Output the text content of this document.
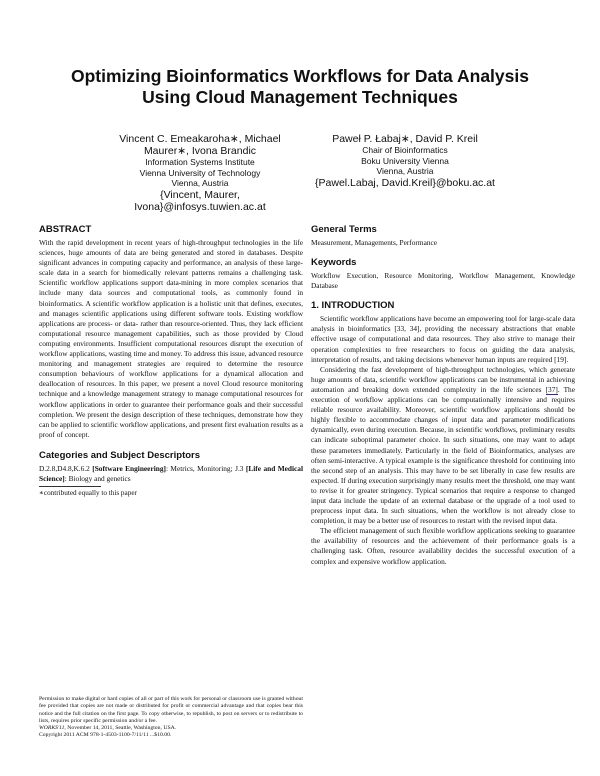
Optimizing Bioinformatics Workflows for Data Analysis
Using Cloud Management Techniques
Vincent C. Emeakaroha∗, Michael
Maurer∗, Ivona Brandic
Information Systems Institute
Vienna University of Technology
Vienna, Austria
{Vincent, Maurer,
Ivona}@infosys.tuwien.ac.at
Paweł P. Łabaj∗, David P. Kreil
Chair of Bioinformatics
Boku University Vienna
Vienna, Austria
{Pawel.Labaj, David.Kreil}@boku.ac.at
ABSTRACT

With the rapid development in recent years of high-throughput technologies in the life sciences, huge amounts of data are being generated and stored in databases. Despite significant advances in computing capacity and performance, an analysis of these large-scale data in a search for biomedically relevant patterns remains a challenging task. Scientific workflow applications support data-mining in more complex scenarios that include many data sources and computational tools, as commonly found in bioinformatics. A scientific workflow application is a holistic unit that defines, executes, and manages scientific applications using different software tools. Existing workflow applications are process- or data- rather than resource-oriented. Thus, they lack efficient computational resource management capabilities, such as those provided by Cloud computing environments. Insufficient computational resources disrupt the execution of workflow applications, wasting time and money. To address this issue, advanced resource monitoring and management strategies are required to determine the resource consumption behaviours of workflow applications for a dynamical allocation and deallocation of resources. In this paper, we present a novel Cloud resource monitoring technique and a knowledge management strategy to manage computational resources for workflow applications in order to guarantee their performance goals and their successful completion. We present the design description of these techniques, demonstrate how they can be applied to scientific workflow applications, and present first evaluation results as a proof of concept.

Categories and Subject Descriptors

D.2.8,D4.8,K.6.2 [Software Engineering]: Metrics, Monitoring; J.3 [Life and Medical Science]: Biology and genetics

∗contributed equally to this paper

Permission to make digital or hard copies of all or part of this work for personal or classroom use is granted without fee provided that copies are not made or distributed for profit or commercial advantage and that copies bear this notice and the full citation on the first page. To copy otherwise, to republish, to post on servers or to redistribute to lists, requires prior specific permission and/or a fee.

WORKS'11, November 14, 2011, Seattle, Washington, USA.

Copyright 2011 ACM 978-1-4503-1100-7/11/11 ...$10.00.

General Terms

Measurement, Managements, Performance

Keywords

Workflow Execution, Resource Monitoring, Workflow Management, Knowledge Database

1. INTRODUCTION

Scientific workflow applications have become an empowering tool for large-scale data analysis in bioinformatics [33, 34], providing the necessary abstractions that enable effective usage of computational and data resources. They also strive to manage their operation complexities to free researchers to focus on guiding the data analysis, interpretation of results, and taking decisions whenever human inputs are required [19].

Considering the fast development of high-throughput technologies, which generate huge amounts of data, scientific workflow applications can be instrumental in achieving automation and breaking down extended complexity in the life sciences [37]. The execution of workflow applications can be computationally intensive and requires reliable resource availability. Moreover, scientific workflow applications should be highly flexible to accommodate changes of input data and parameter modifications dynamically, even during execution. Because, in scientific workflows, preliminary results can indicate suboptimal parameter choice. In such situations, one may want to adapt these parameters immediately. Particularly in the field of Bioinformatics, analyses are often semi-interactive. A typical example is the significance threshold for continuing into the second step of an analysis. This may have to be set liberally in case few results are expected. If during execution surprisingly many results meet the threshold, one may want to revise it for greater stringency. Typical scenarios that require a response to changed input data include the update of an external database or the upgrade of a tool used to preprocess input data. In such situations, when the workflow is not already close to completion, it may be a better use of resources to restart with the revised input data.

The efficient management of such flexible workflow applications seeking to guarantee the availability of resources and the achievement of their performance goals is a challenging task. Often, resource availability decides the successful execution of a complex and expensive workflow application.
